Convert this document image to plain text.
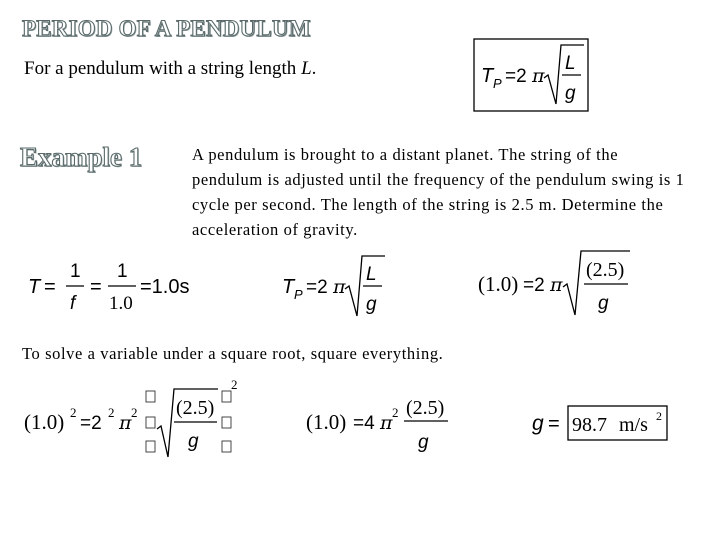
PERIOD OF A PENDULUM
For a pendulum with a string length L.	T P =2 π
L
g
Example 1	A pendulum is brought to a distant planet. The string of the pendulum is adjusted until the frequency of the pendulum swing is 1 cycle per second. The length of the string is 2.5 m. Determine the acceleration of gravity.
T =
1
f
=
1
1.0
=1.0s	T P =2 π
L
g
(1.0) =2 π
(2.5)
g
To solve a variable under a square root, square everything.
(1.0) 2
=2
2 π 2 (2.5)
g
2
(1.0) =4 π 2 (2.5)
g
g = 98.7 m/s 2
